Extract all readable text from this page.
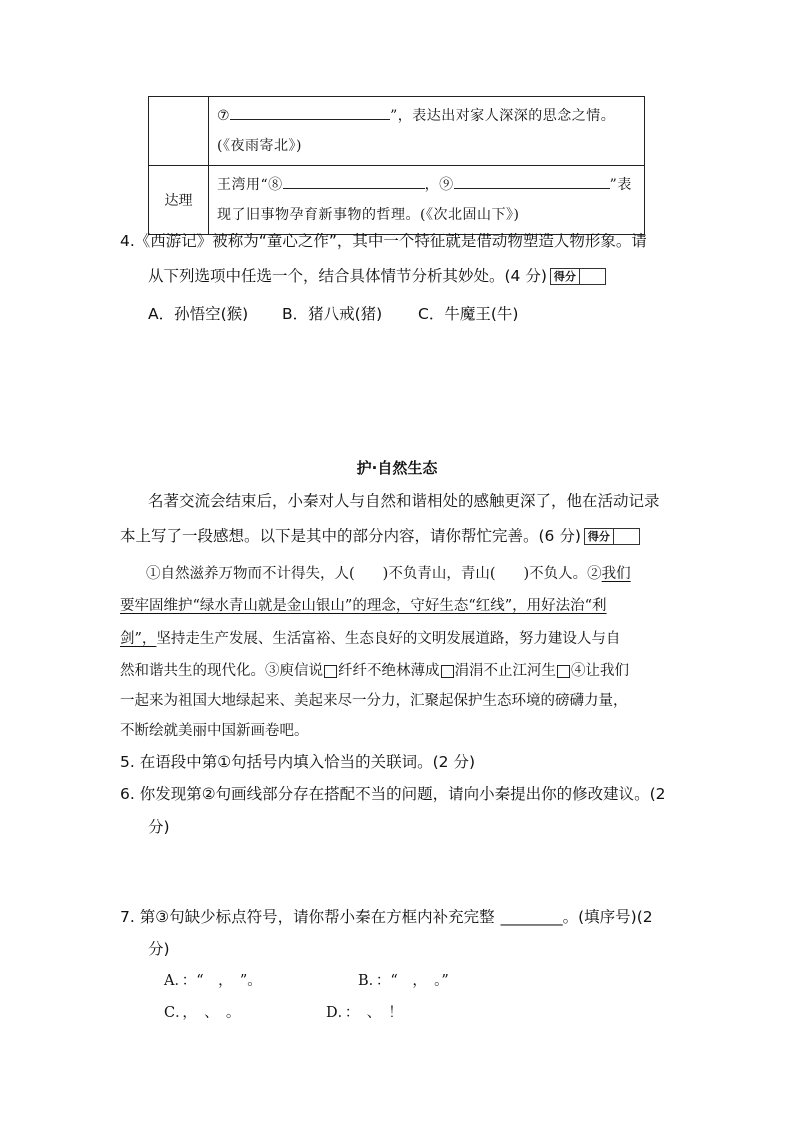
	⑦ ”，表达出对家人深深的思念之情。
(《夜雨寄北》)
达理	王湾用“⑧ ，⑨ ”表
现了旧事物孕育新事物的哲理。(《次北固山下》)
4.《西游记》被称为“童心之作”，其中一个特征就是借动物塑造人物形象。请
从下列选项中任选一个，结合具体情节分析其妙处。(4 分) 得分
A．孙悟空(猴) B．猪八戒(猪) C．牛魔王(牛)
护·自然生态
名著交流会结束后，小秦对人与自然和谐相处的感触更深了，他在活动记录
本上写了一段感想。以下是其中的部分内容，请你帮忙完善。(6 分) 得分
①自然滋养万物而不计得失，人( )不负青山，青山( )不负人。②我们
要牢固维护“绿水青山就是金山银山”的理念，守好生态“红线”，用好法治“利
剑”，坚持走生产发展、生活富裕、生态良好的文明发展道路，努力建设人与自
然和谐共生的现代化。③庾信说 纤纤不绝林薄成 涓涓不止江河生 ④让我们
一起来为祖国大地绿起来、美起来尽一分力，汇聚起保护生态环境的磅礴力量，
不断绘就美丽中国新画卷吧。
5. 在语段中第①句括号内填入恰当的关联词。(2 分)
6. 你发现第②句画线部分存在搭配不当的问题，请向小秦提出你的修改建议。(2
分)
7. 第③句缺少标点符号，请你帮小秦在方框内补充完整 ________。(填序号)(2
分)
A．：“　，　”。	B．：“　，　。”
C．，　、　。	D．：　、　！
